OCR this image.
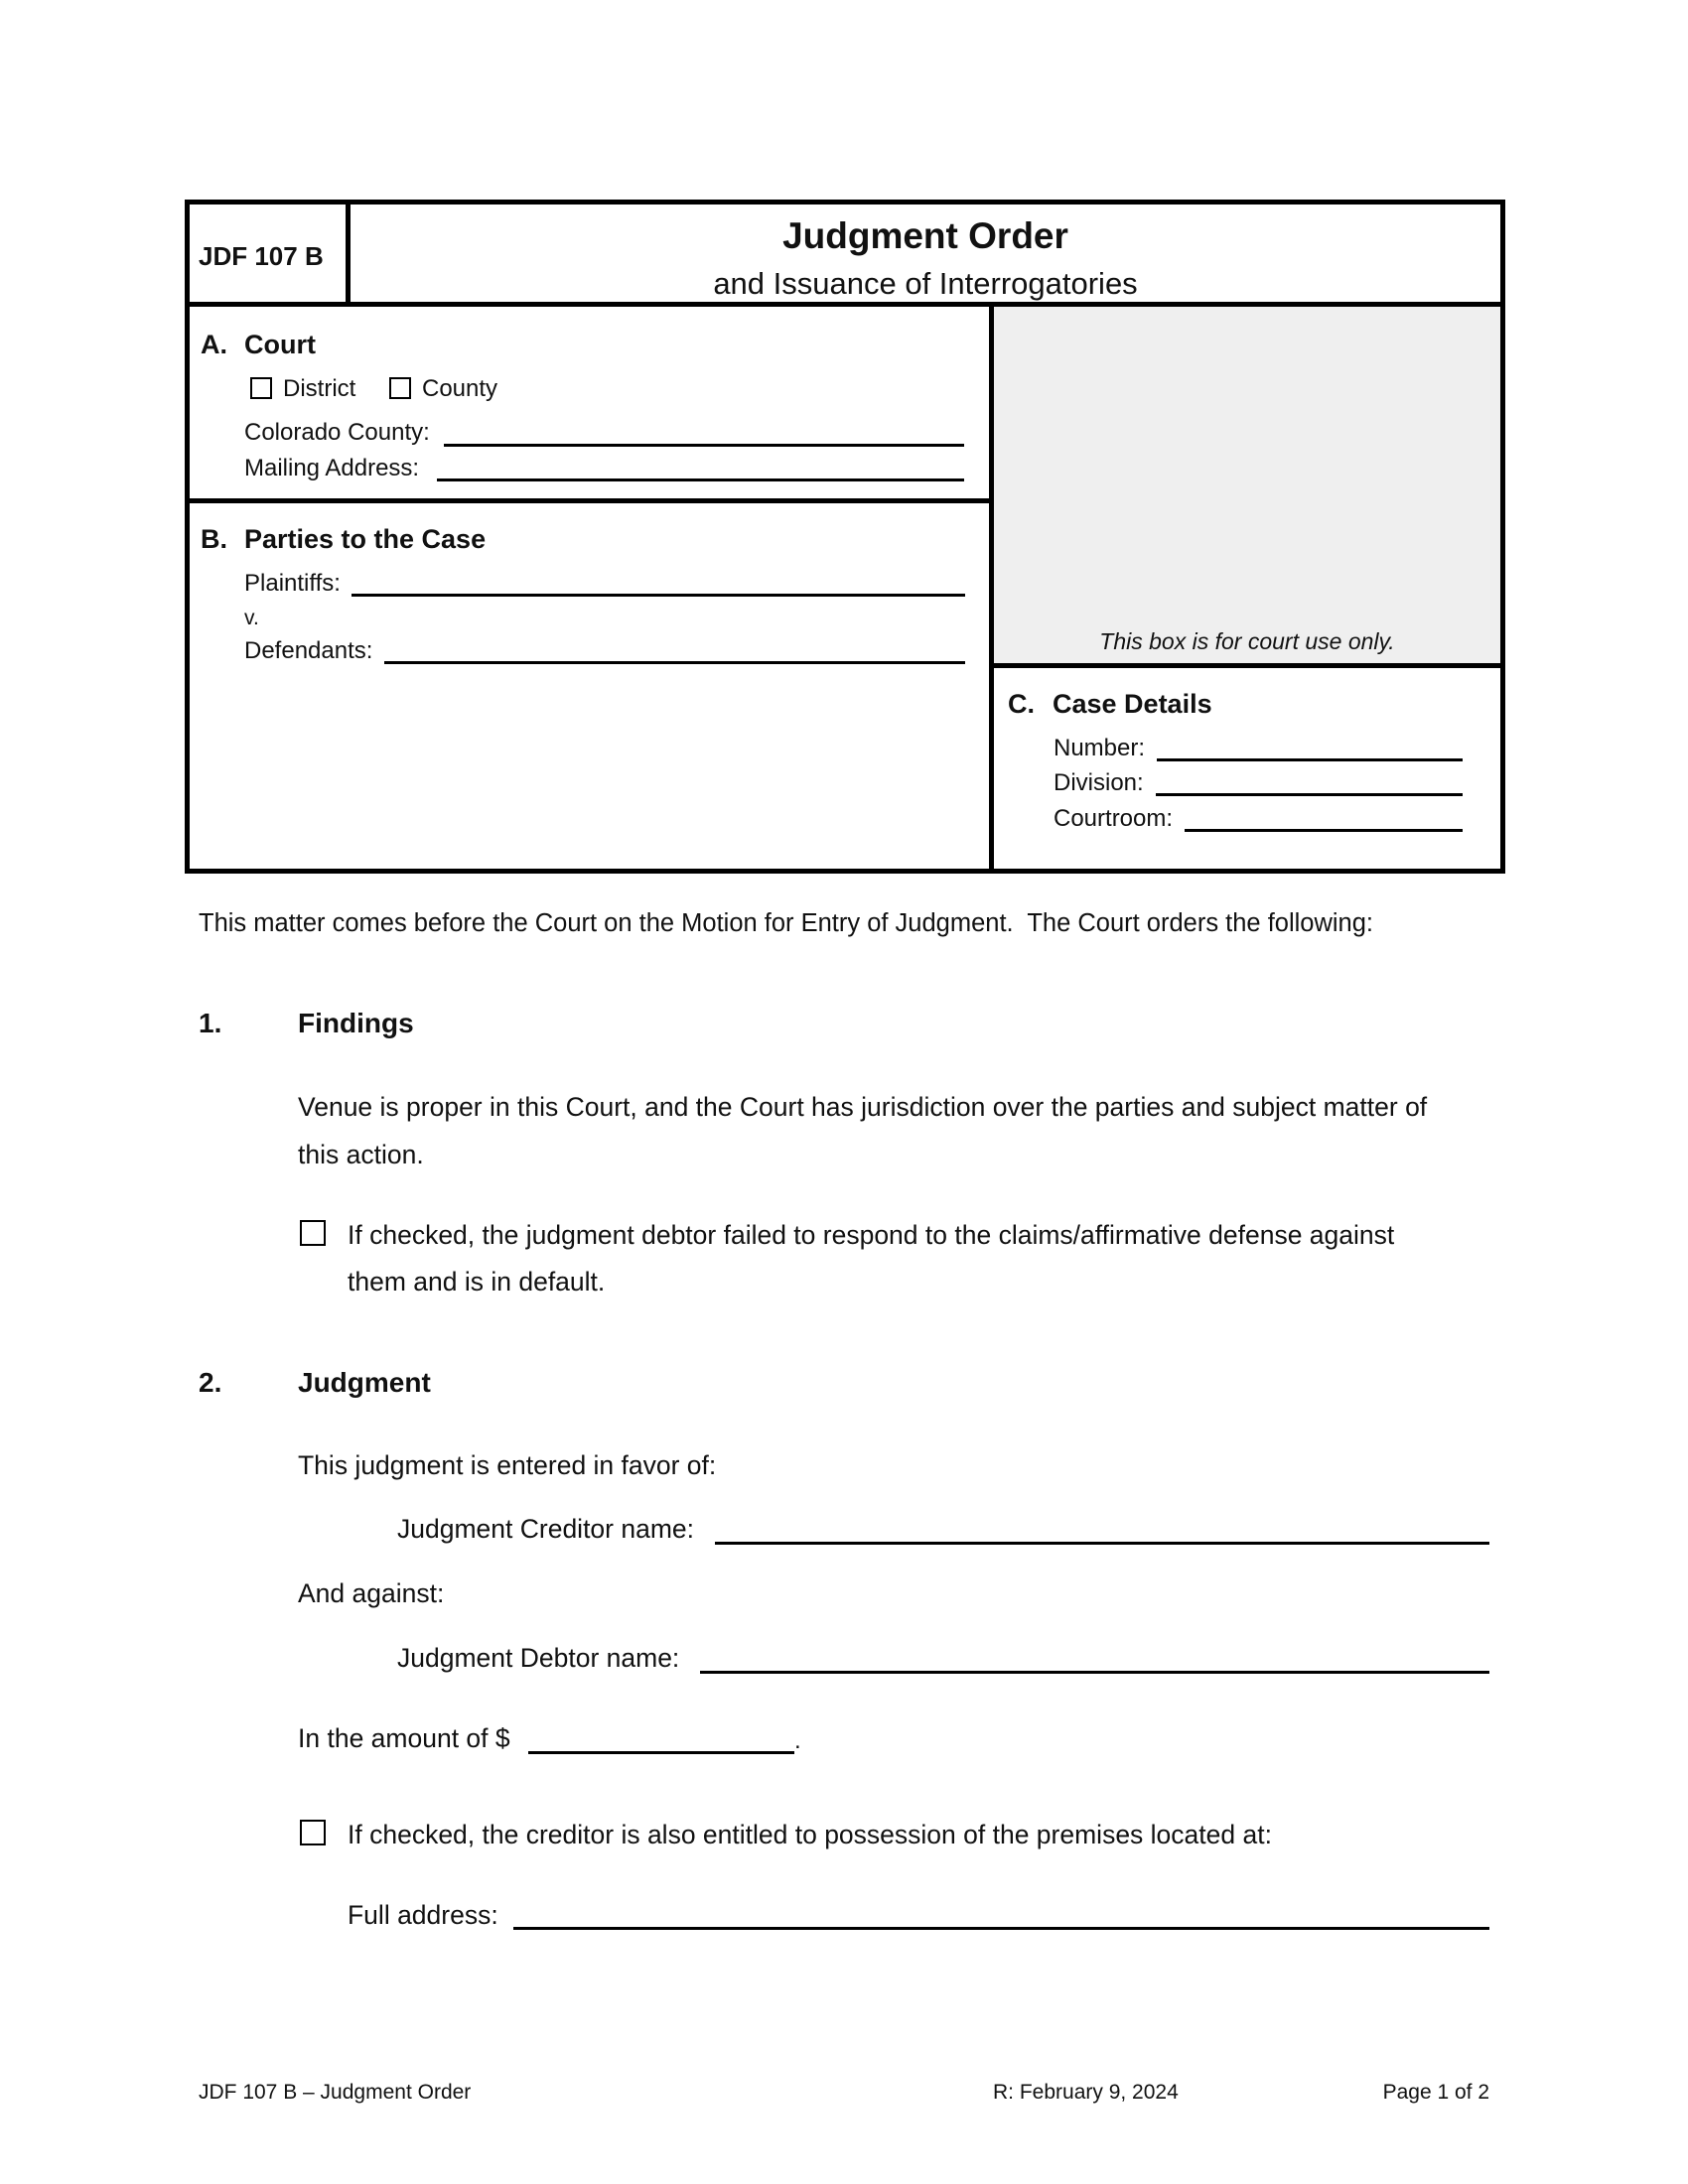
JDF 107 B	Judgment Order
and Issuance of Interrogatories
A. Court
District	County
Colorado County:
Mailing Address:
B. Parties to the Case
Plaintiffs:
v.
Defendants:	This box is for court use only.
C. Case Details
Number:
Division:
Courtroom:
This matter comes before the Court on the Motion for Entry of Judgment.  The Court orders the following:
1.	Findings
Venue is proper in this Court, and the Court has jurisdiction over the parties and subject matter of
this action.
If checked, the judgment debtor failed to respond to the claims/affirmative defense against
them and is in default.
2.	Judgment
This judgment is entered in favor of:
Judgment Creditor name:
And against:
Judgment Debtor name:
In the amount of $	.
If checked, the creditor is also entitled to possession of the premises located at:
Full address:
JDF 107 B – Judgment Order	R: February 9, 2024	Page 1 of 2
